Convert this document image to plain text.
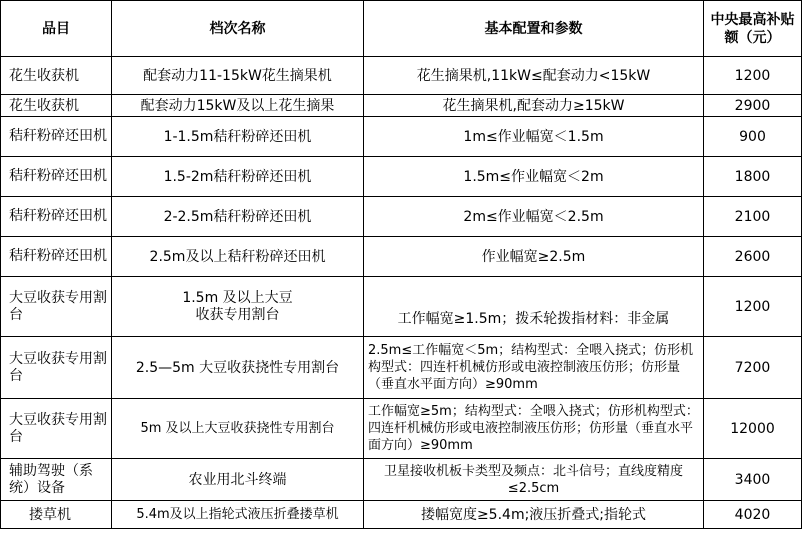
品目	档次名称	基本配置和参数	中央最高补贴额（元）
花生收获机	配套动力11-15kW花生摘果机	花生摘果机,11kW≤配套动力<15kW	1200
花生收获机	配套动力15kW及以上花生摘果	花生摘果机,配套动力≥15kW	2900
秸秆粉碎还田机	1-1.5m秸秆粉碎还田机	1m≤作业幅宽＜1.5m	900
秸秆粉碎还田机	1.5-2m秸秆粉碎还田机	1.5m≤作业幅宽＜2m	1800
秸秆粉碎还田机	2-2.5m秸秆粉碎还田机	2m≤作业幅宽＜2.5m	2100
秸秆粉碎还田机	2.5m及以上秸秆粉碎还田机	作业幅宽≥2.5m	2600
大豆收获专用割台	1.5m 及以上大豆收获专用割台	工作幅宽≥1.5m；拨禾轮拨指材料：非金属	1200
大豆收获专用割台	2.5—5m 大豆收获挠性专用割台	2.5m≤工作幅宽＜5m；结构型式：全喂入挠式；仿形机构型式：四连杆机械仿形或电液控制液压仿形；仿形量（垂直水平面方向）≥90mm	7200
大豆收获专用割台	5m 及以上大豆收获挠性专用割台	工作幅宽≥5m；结构型式：全喂入挠式；仿形机构型式：四连杆机械仿形或电液控制液压仿形；仿形量（垂直水平面方向）≥90mm	12000
辅助驾驶（系统）设备	农业用北斗终端	卫星接收机板卡类型及频点：北斗信号；直线度精度≤2.5cm	3400
搂草机	5.4m及以上指轮式液压折叠搂草机	搂幅宽度≥5.4m;液压折叠式;指轮式	4020
